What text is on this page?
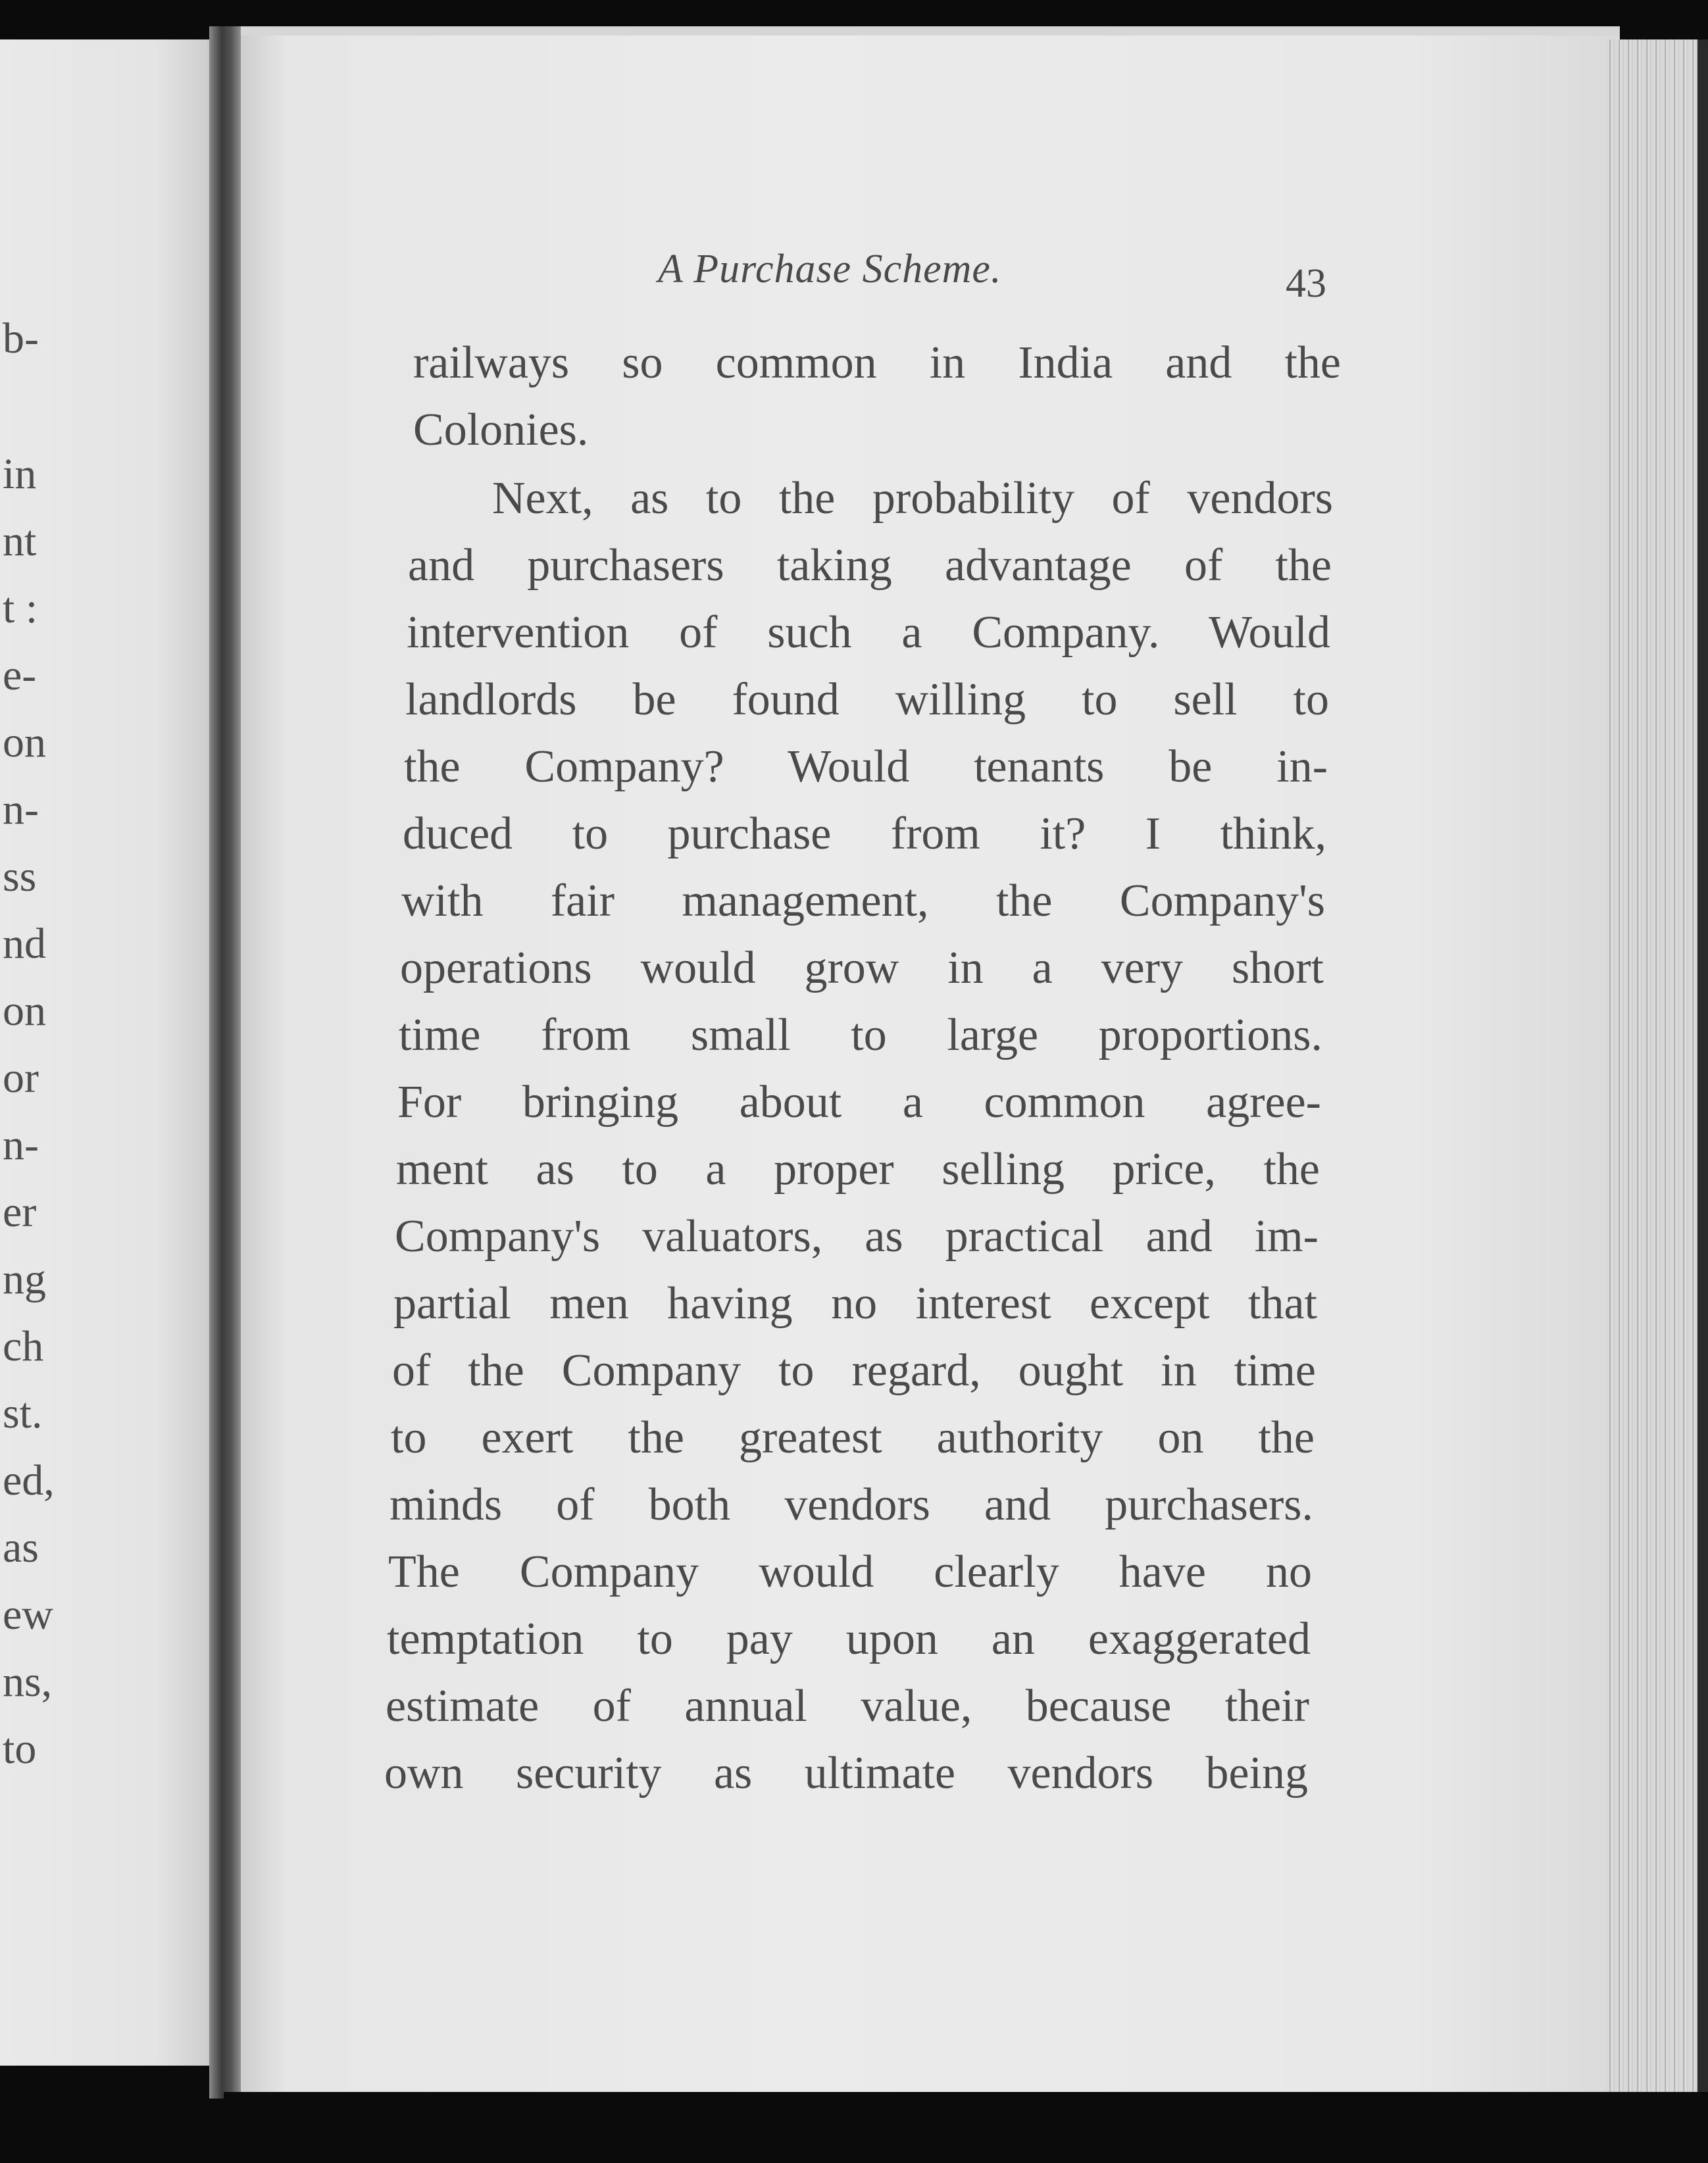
b-
in
nt
t :
e-
on
n-
ss
nd
on
or
n-
er
ng
ch
st.
ed,
as
ew
ns,
to
A Purchase Scheme.	43
railways so common in India and the
Colonies.
Next, as to the probability of vendors
and purchasers taking advantage of the
intervention of such a Company. Would
landlords be found willing to sell to
the Company? Would tenants be in-
duced to purchase from it? I think,
with fair management, the Company's
operations would grow in a very short
time from small to large proportions.
For bringing about a common agree-
ment as to a proper selling price, the
Company's valuators, as practical and im-
partial men having no interest except that
of the Company to regard, ought in time
to exert the greatest authority on the
minds of both vendors and purchasers.
The Company would clearly have no
temptation to pay upon an exaggerated
estimate of annual value, because their
own security as ultimate vendors being
